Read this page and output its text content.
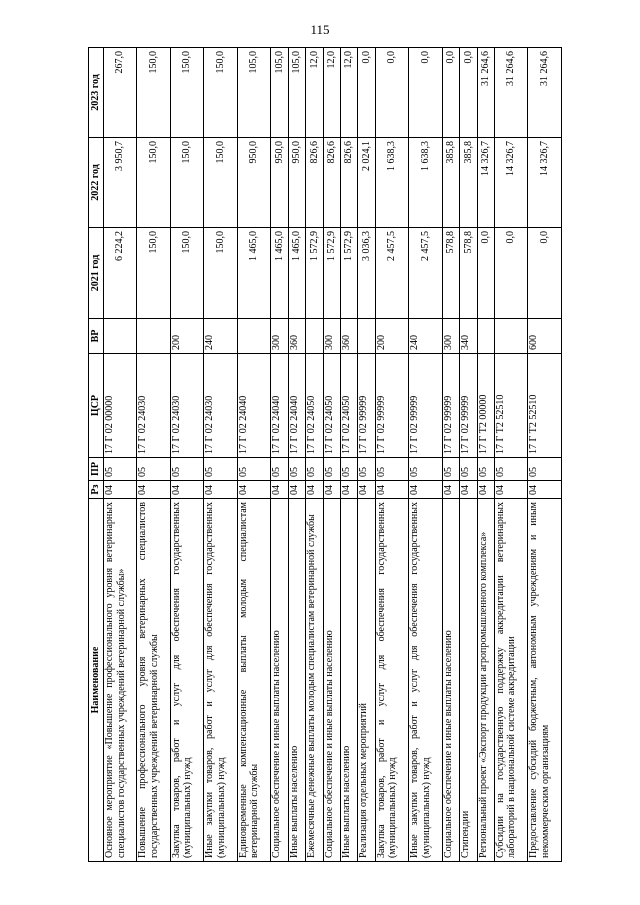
115
Наименование	Рз	ПР	ЦСР	ВР	2021 год	2022 год	2023 год
Основное мероприятие «Повышение профессионального уровня ветеринарных специалистов государственных учреждений ветеринарной службы»	04	05	17 Г 02 00000		6 224,2	3 950,7	267,0
Повышение профессионального уровня ветеринарных специалистов государственных учреждений ветеринарной службы	04	05	17 Г 02 24030		150,0	150,0	150,0
Закупка товаров, работ и услуг для обеспечения государственных (муниципальных) нужд	04	05	17 Г 02 24030	200	150,0	150,0	150,0
Иные закупки товаров, работ и услуг для обеспечения государственных (муниципальных) нужд	04	05	17 Г 02 24030	240	150,0	150,0	150,0
Единовременные компенсационные выплаты молодым специалистам ветеринарной службы	04	05	17 Г 02 24040		1 465,0	950,0	105,0
Социальное обеспечение и иные выплаты населению	04	05	17 Г 02 24040	300	1 465,0	950,0	105,0
Иные выплаты населению	04	05	17 Г 02 24040	360	1 465,0	950,0	105,0
Ежемесячные денежные выплаты молодым специалистам ветеринарной службы	04	05	17 Г 02 24050		1 572,9	826,6	12,0
Социальное обеспечение и иные выплаты населению	04	05	17 Г 02 24050	300	1 572,9	826,6	12,0
Иные выплаты населению	04	05	17 Г 02 24050	360	1 572,9	826,6	12,0
Реализация отдельных мероприятий	04	05	17 Г 02 99999		3 036,3	2 024,1	0,0
Закупка товаров, работ и услуг для обеспечения государственных (муниципальных) нужд	04	05	17 Г 02 99999	200	2 457,5	1 638,3	0,0
Иные закупки товаров, работ и услуг для обеспечения государственных (муниципальных) нужд	04	05	17 Г 02 99999	240	2 457,5	1 638,3	0,0
Социальное обеспечение и иные выплаты населению	04	05	17 Г 02 99999	300	578,8	385,8	0,0
Стипендии	04	05	17 Г 02 99999	340	578,8	385,8	0,0
Региональный проект «Экспорт продукции агропромышленного комплекса»	04	05	17 Г Т2 00000		0,0	14 326,7	31 264,6
Субсидии на государственную поддержку аккредитации ветеринарных лабораторий в национальной системе аккредитации	04	05	17 Г Т2 52510		0,0	14 326,7	31 264,6
Предоставление субсидий бюджетным, автономным учреждениям и иным некоммерческим организациям	04	05	17 Г Т2 52510	600	0,0	14 326,7	31 264,6
